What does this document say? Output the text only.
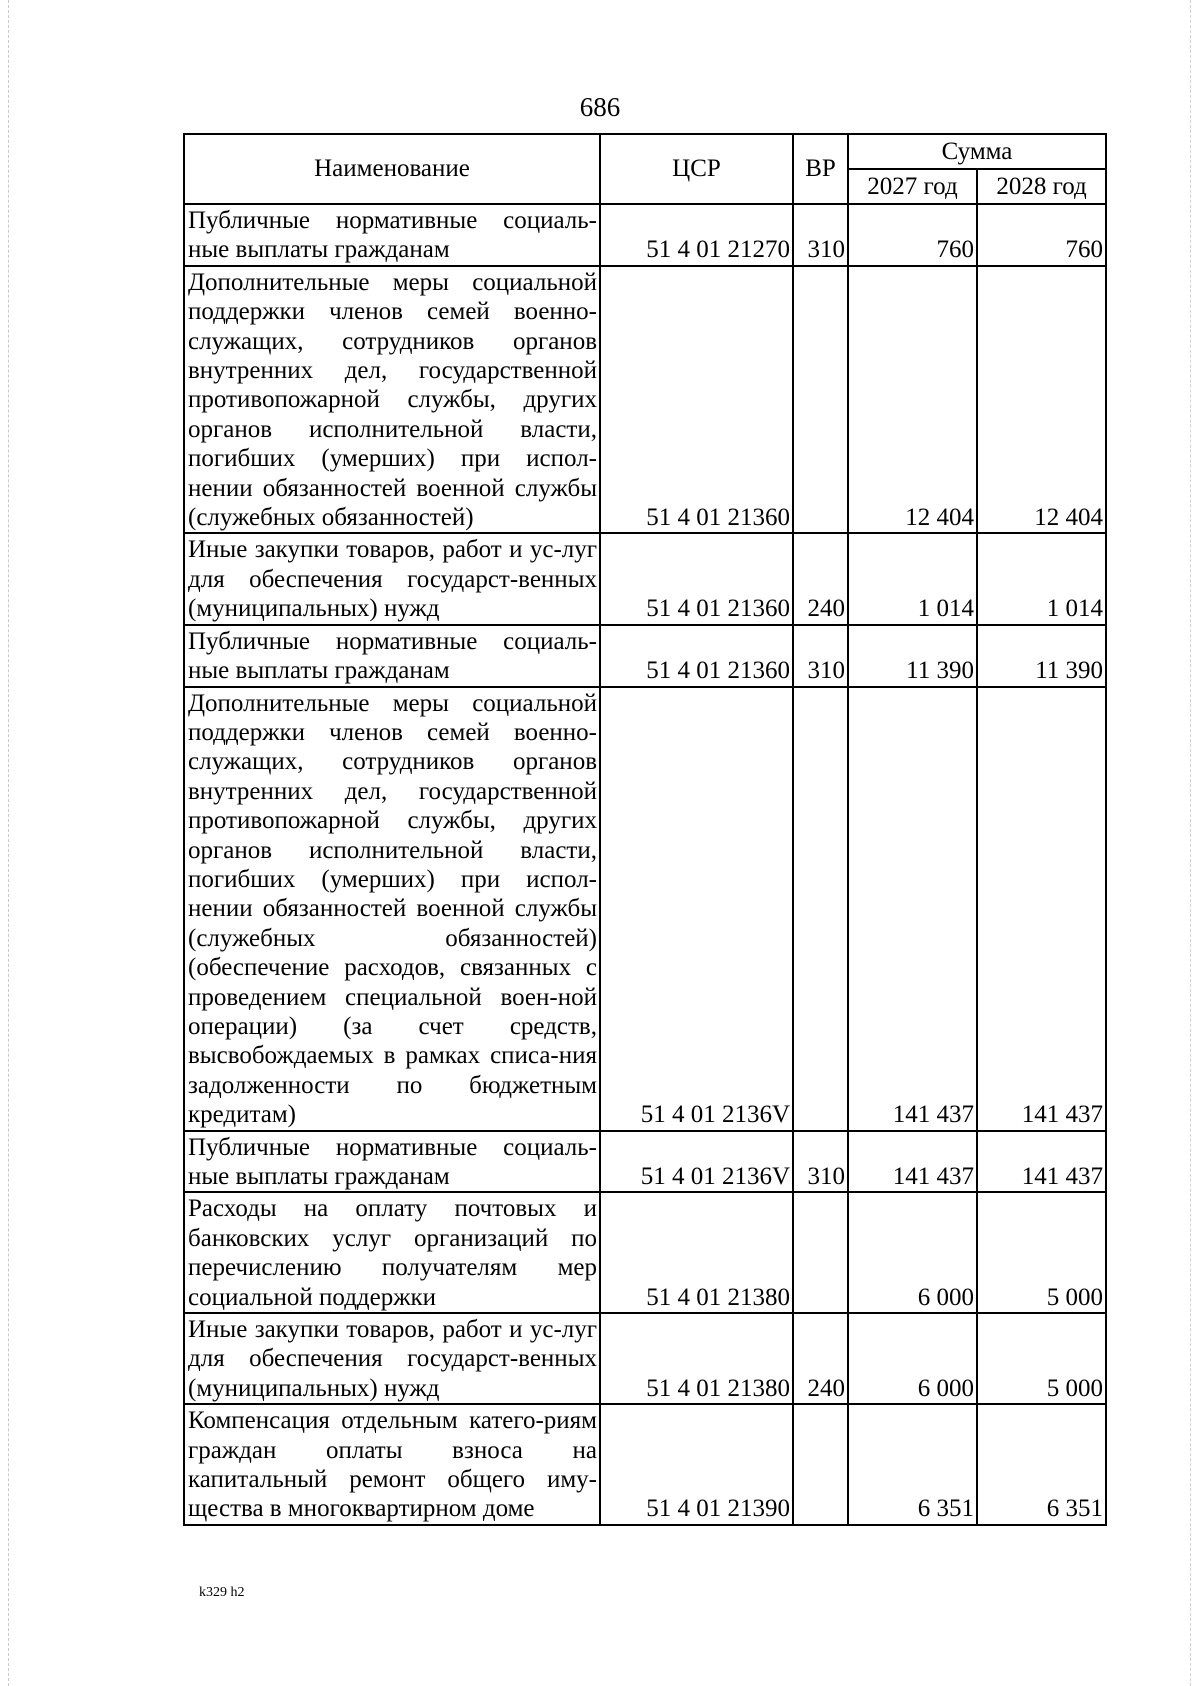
686
Наименование	ЦСР	ВР	Сумма	
			2027 год	2028 год
Публичные нормативные социаль-ные выплаты гражданам	51 4 01 21270	310	760	760
Дополнительные меры социальной поддержки членов семей военно-служащих, сотрудников органов внутренних дел, государственной противопожарной службы, других органов исполнительной власти, погибших (умерших) при испол-нении обязанностей военной службы (служебных обязанностей)	51 4 01 21360		12 404	12 404
Иные закупки товаров, работ и ус-луг для обеспечения государст-венных (муниципальных) нужд	51 4 01 21360	240	1 014	1 014
Публичные нормативные социаль-ные выплаты гражданам	51 4 01 21360	310	11 390	11 390
Дополнительные меры социальной поддержки членов семей военно-служащих, сотрудников органов внутренних дел, государственной противопожарной службы, других органов исполнительной власти, погибших (умерших) при испол-нении обязанностей военной службы (служебных обязанностей) (обеспечение расходов, связанных с проведением специальной воен-ной операции) (за счет средств, высвобождаемых в рамках списа-ния задолженности по бюджетным кредитам)	51 4 01 2136V		141 437	141 437
Публичные нормативные социаль-ные выплаты гражданам	51 4 01 2136V	310	141 437	141 437
Расходы на оплату почтовых и банковских услуг организаций по перечислению получателям мер социальной поддержки	51 4 01 21380		6 000	5 000
Иные закупки товаров, работ и ус-луг для обеспечения государст-венных (муниципальных) нужд	51 4 01 21380	240	6 000	5 000
Компенсация отдельным катего-риям граждан оплаты взноса на капитальный ремонт общего иму-щества в многоквартирном доме	51 4 01 21390		6 351	6 351
k329 h2
